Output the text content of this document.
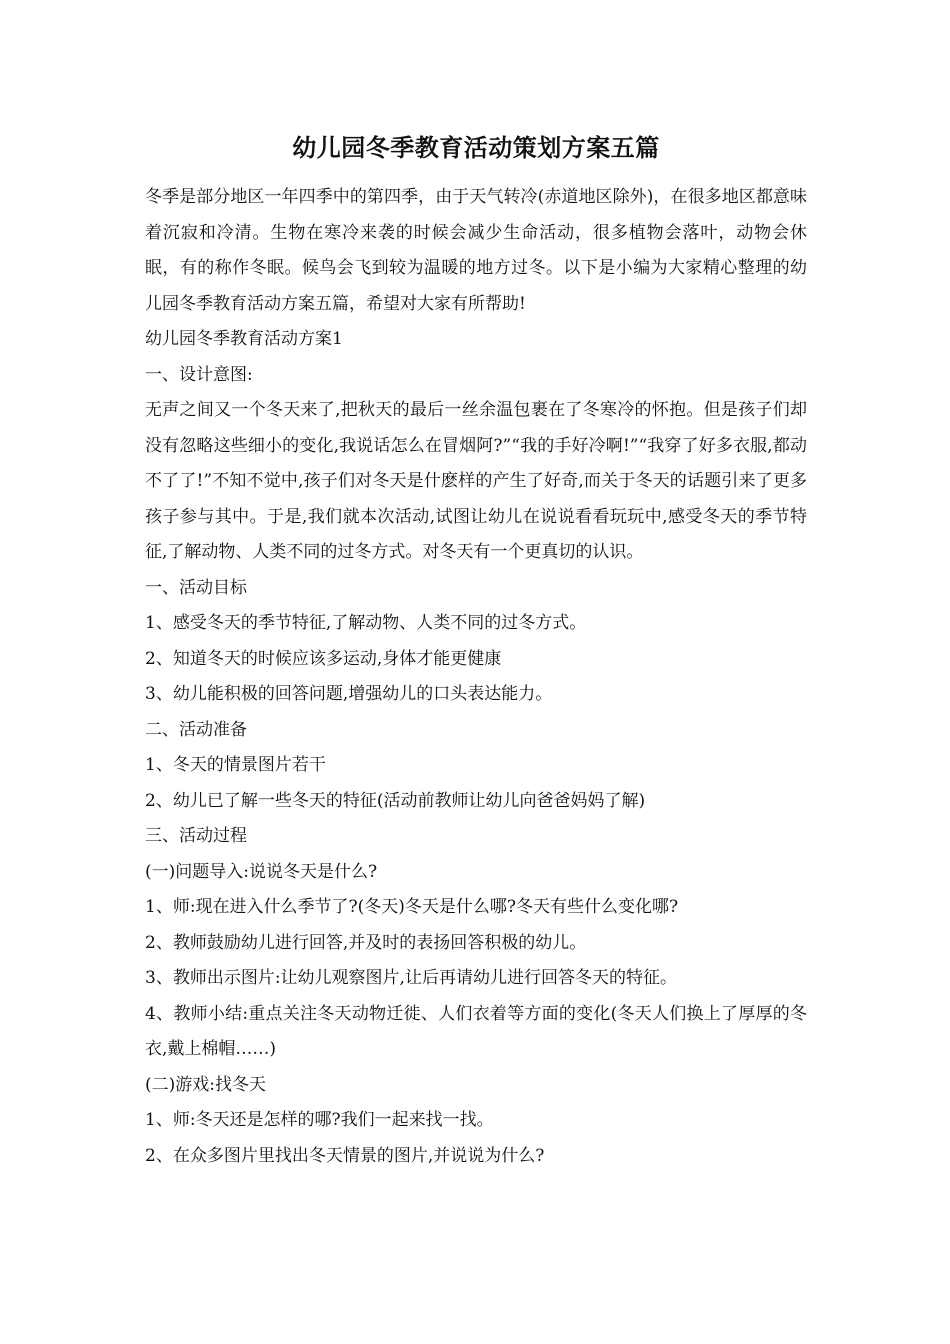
幼儿园冬季教育活动策划方案五篇

冬季是部分地区一年四季中的第四季，由于天气转冷(赤道地区除外)，在很多地区都意味着沉寂和冷清。生物在寒冷来袭的时候会减少生命活动，很多植物会落叶，动物会休眠，有的称作冬眠。候鸟会飞到较为温暖的地方过冬。以下是小编为大家精心整理的幼儿园冬季教育活动方案五篇，希望对大家有所帮助!

幼儿园冬季教育活动方案1

一、设计意图:

无声之间又一个冬天来了,把秋天的最后一丝余温包裹在了冬寒冷的怀抱。但是孩子们却没有忽略这些细小的变化,我说话怎么在冒烟阿?”“我的手好冷啊!”“我穿了好多衣服,都动不了了!”不知不觉中,孩子们对冬天是什麽样的产生了好奇,而关于冬天的话题引来了更多孩子参与其中。于是,我们就本次活动,试图让幼儿在说说看看玩玩中,感受冬天的季节特征,了解动物、人类不同的过冬方式。对冬天有一个更真切的认识。

一、活动目标

1、感受冬天的季节特征,了解动物、人类不同的过冬方式。

2、知道冬天的时候应该多运动,身体才能更健康

3、幼儿能积极的回答问题,增强幼儿的口头表达能力。

二、活动准备

1、冬天的情景图片若干

2、幼儿已了解一些冬天的特征(活动前教师让幼儿向爸爸妈妈了解)

三、活动过程

(一)问题导入:说说冬天是什么?

1、师:现在进入什么季节了?(冬天)冬天是什么哪?冬天有些什么变化哪?

2、教师鼓励幼儿进行回答,并及时的表扬回答积极的幼儿。

3、教师出示图片:让幼儿观察图片,让后再请幼儿进行回答冬天的特征。

4、教师小结:重点关注冬天动物迁徙、人们衣着等方面的变化(冬天人们换上了厚厚的冬衣,戴上棉帽……)

(二)游戏:找冬天

1、师:冬天还是怎样的哪?我们一起来找一找。

2、在众多图片里找出冬天情景的图片,并说说为什么?
